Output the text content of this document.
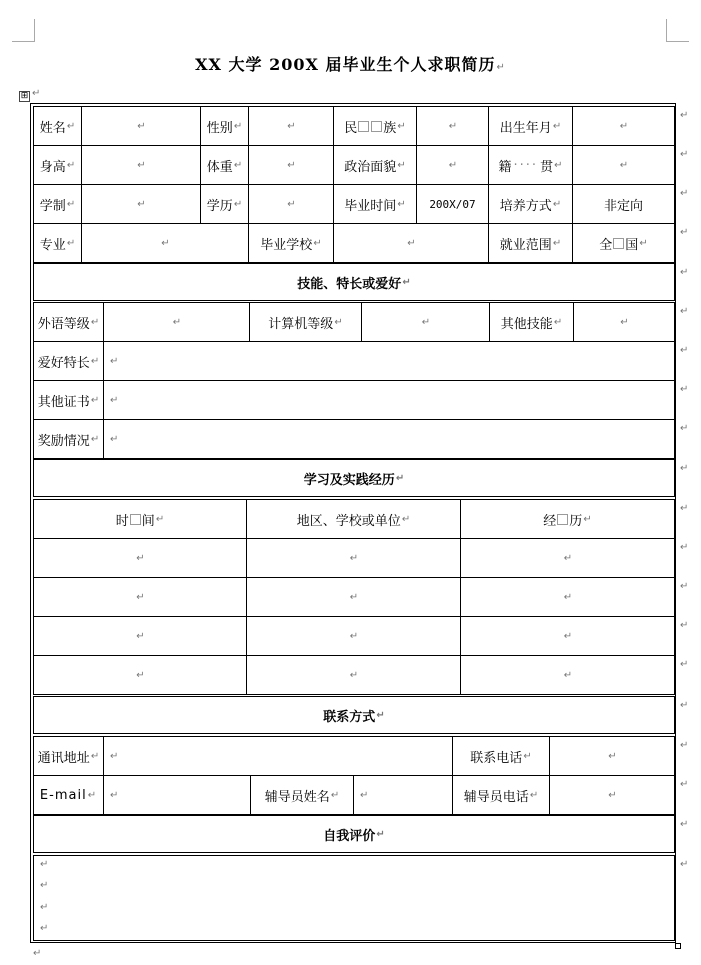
XX 大学 200X 届毕业生个人求职简历↵
⊞ ↵
姓名 ↵	↵	性别 ↵	↵	民 族 ↵	↵	出生年月 ↵	↵
↵
身高 ↵	↵	体重 ↵	↵	政治面貌 ↵	↵	籍 ···· 贯 ↵	↵
↵
学制 ↵	↵	学历 ↵	↵	毕业时间 ↵ 200X/07 培养方式 ↵	非定向
↵
专业 ↵	↵	毕业学校 ↵	↵	就业范围 ↵	全 国 ↵
↵
技能、特长或爱好 ↵
↵
外语等级 ↵	↵	计算机等级 ↵	↵	其他技能 ↵	↵
↵
爱好特长 ↵ ↵
↵
其他证书 ↵ ↵
↵
奖励情况 ↵ ↵
↵
学习及实践经历 ↵
↵
时 间 ↵	地区、学校或单位 ↵	经 历 ↵
↵
↵	↵	↵
↵
↵	↵	↵
↵
↵	↵	↵
↵
↵	↵	↵
↵
联系方式 ↵
↵
通讯地址 ↵ ↵	联系电话 ↵	↵
↵
E-mail ↵ ↵	辅导员姓名 ↵ ↵	辅导员电话 ↵	↵
↵
自我评价 ↵
↵
↵
↵
↵
↵
↵
↵
